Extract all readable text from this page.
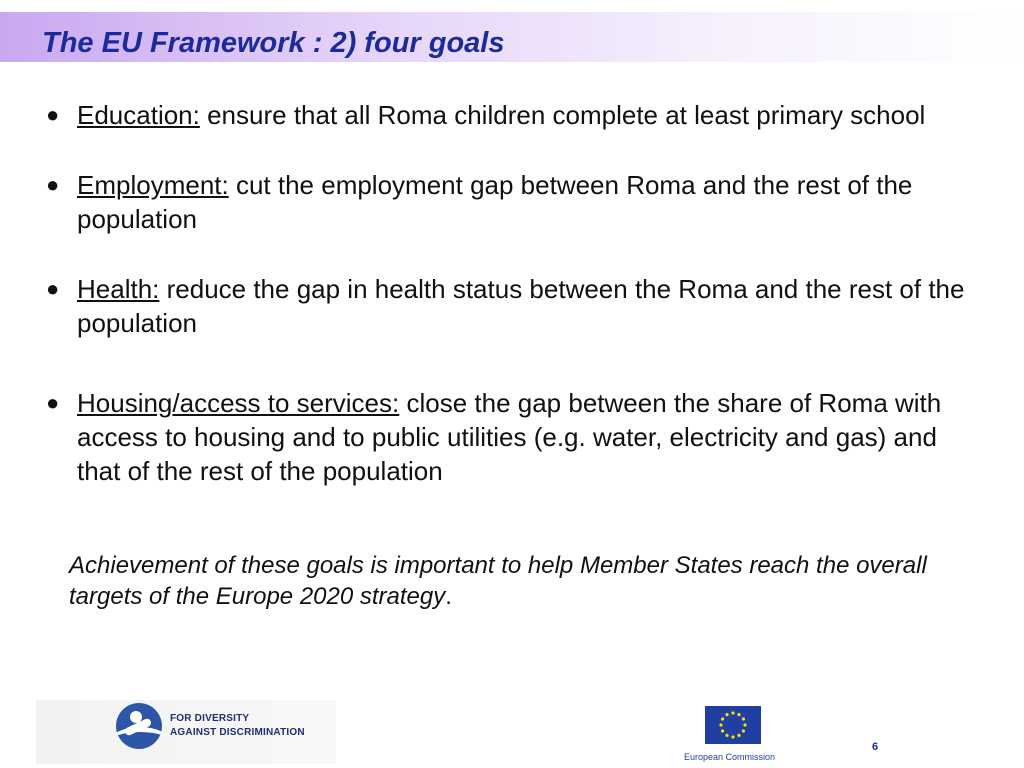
The EU Framework : 2) four goals
● Education: ensure that all Roma children complete at least primary school
● Employment: cut the employment gap between Roma and the rest of the population
● Health: reduce the gap in health status between the Roma and the rest of the population
● Housing/access to services: close the gap between the share of Roma with access to housing and to public utilities (e.g. water, electricity and gas) and that of the rest of the population
Achievement of these goals is important to help Member States reach the overall targets of the Europe 2020 strategy.
FOR DIVERSITY
AGAINST DISCRIMINATION
European Commission
6
